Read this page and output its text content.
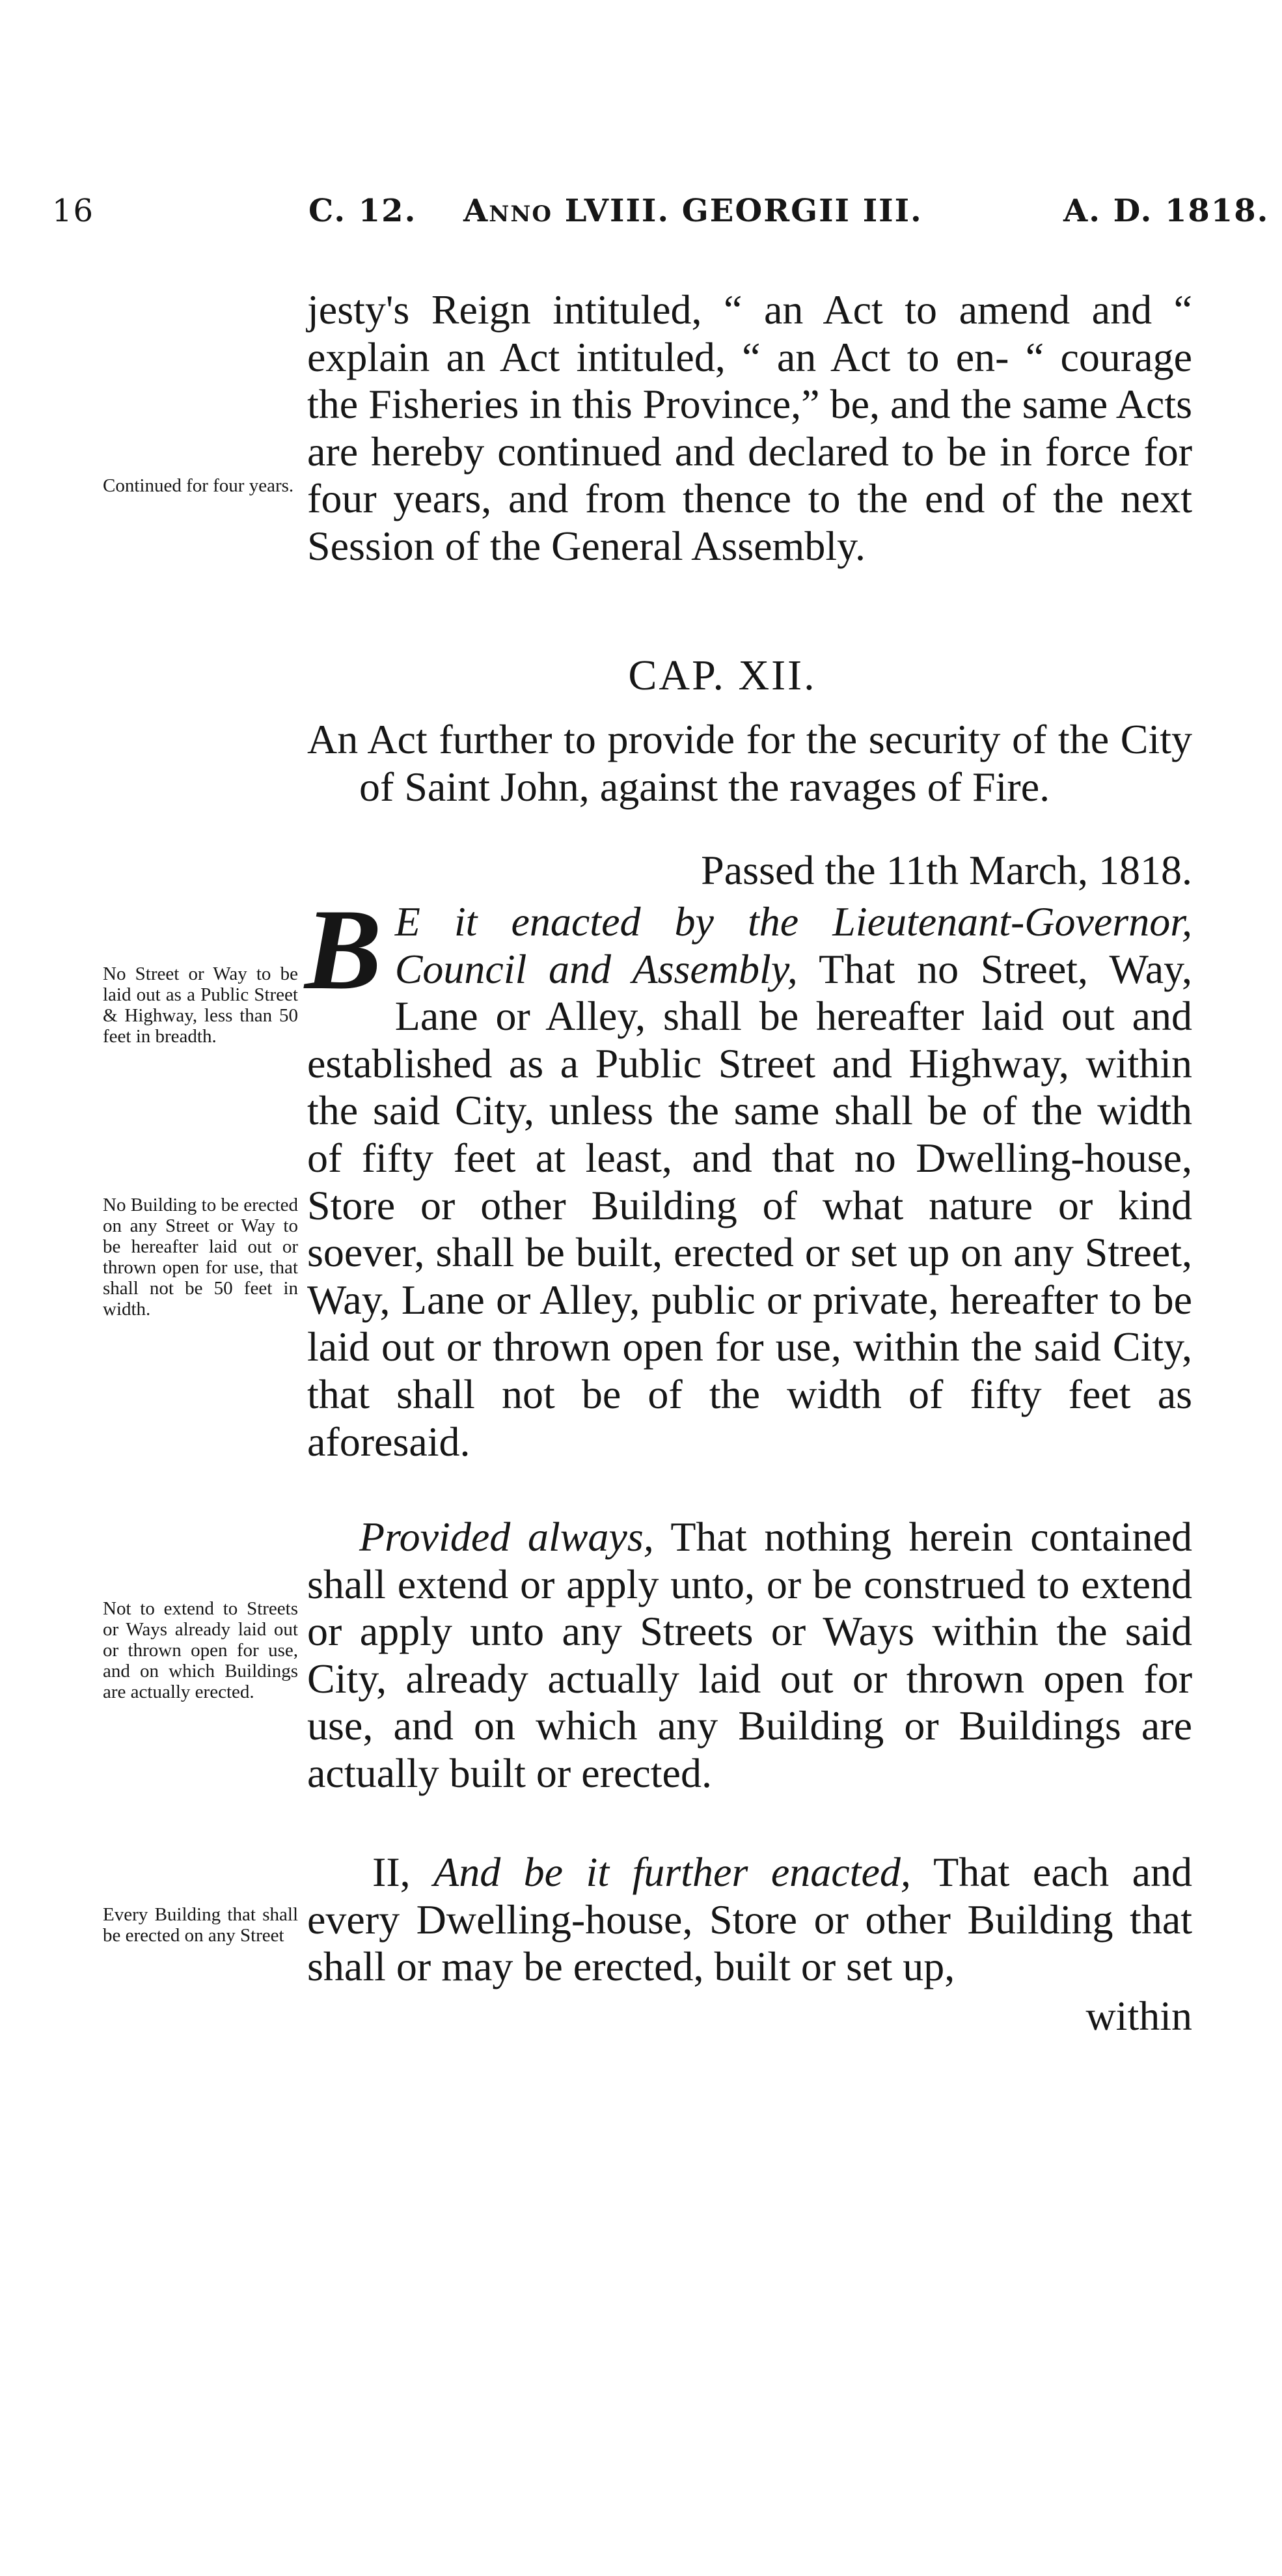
16	C. 12. Anno LVIII. GEORGII III.	A. D. 1818.

jesty's Reign intituled, “ an Act to amend and “ explain an Act intituled, “ an Act to en- “ courage the Fisheries in this Province,” be, and the same Acts are hereby continued and declared to be in force for four years, and from thence to the end of the next Session of the General Assembly.

CAP. XII.

An Act further to provide for the security of the City of Saint John, against the ravages of Fire.

Passed the 11th March, 1818.

B E it enacted by the Lieutenant-Governor, Council and Assembly, That no Street, Way, Lane or Alley, shall be hereafter laid out and established as a Public Street and Highway, within the said City, unless the same shall be of the width of fifty feet at least, and that no Dwelling-house, Store or other Building of what nature or kind soever, shall be built, erected or set up on any Street, Way, Lane or Alley, public or private, hereafter to be laid out or thrown open for use, within the said City, that shall not be of the width of fifty feet as aforesaid.

Provided always, That nothing herein contained shall extend or apply unto, or be construed to extend or apply unto any Streets or Ways within the said City, already actually laid out or thrown open for use, and on which any Building or Buildings are actually built or erected.

II, And be it further enacted, That each and every Dwelling-house, Store or other Building that shall or may be erected, built or set up,

within
Continued for four years.
No Street or Way to be laid out as a Public Street & Highway, less than 50 feet in breadth.
No Building to be erected on any Street or Way to be hereafter laid out or thrown open for use, that shall not be 50 feet in width.
Not to extend to Streets or Ways already laid out or thrown open for use, and on which Buildings are actually erected.
Every Building that shall be erected on any Street
